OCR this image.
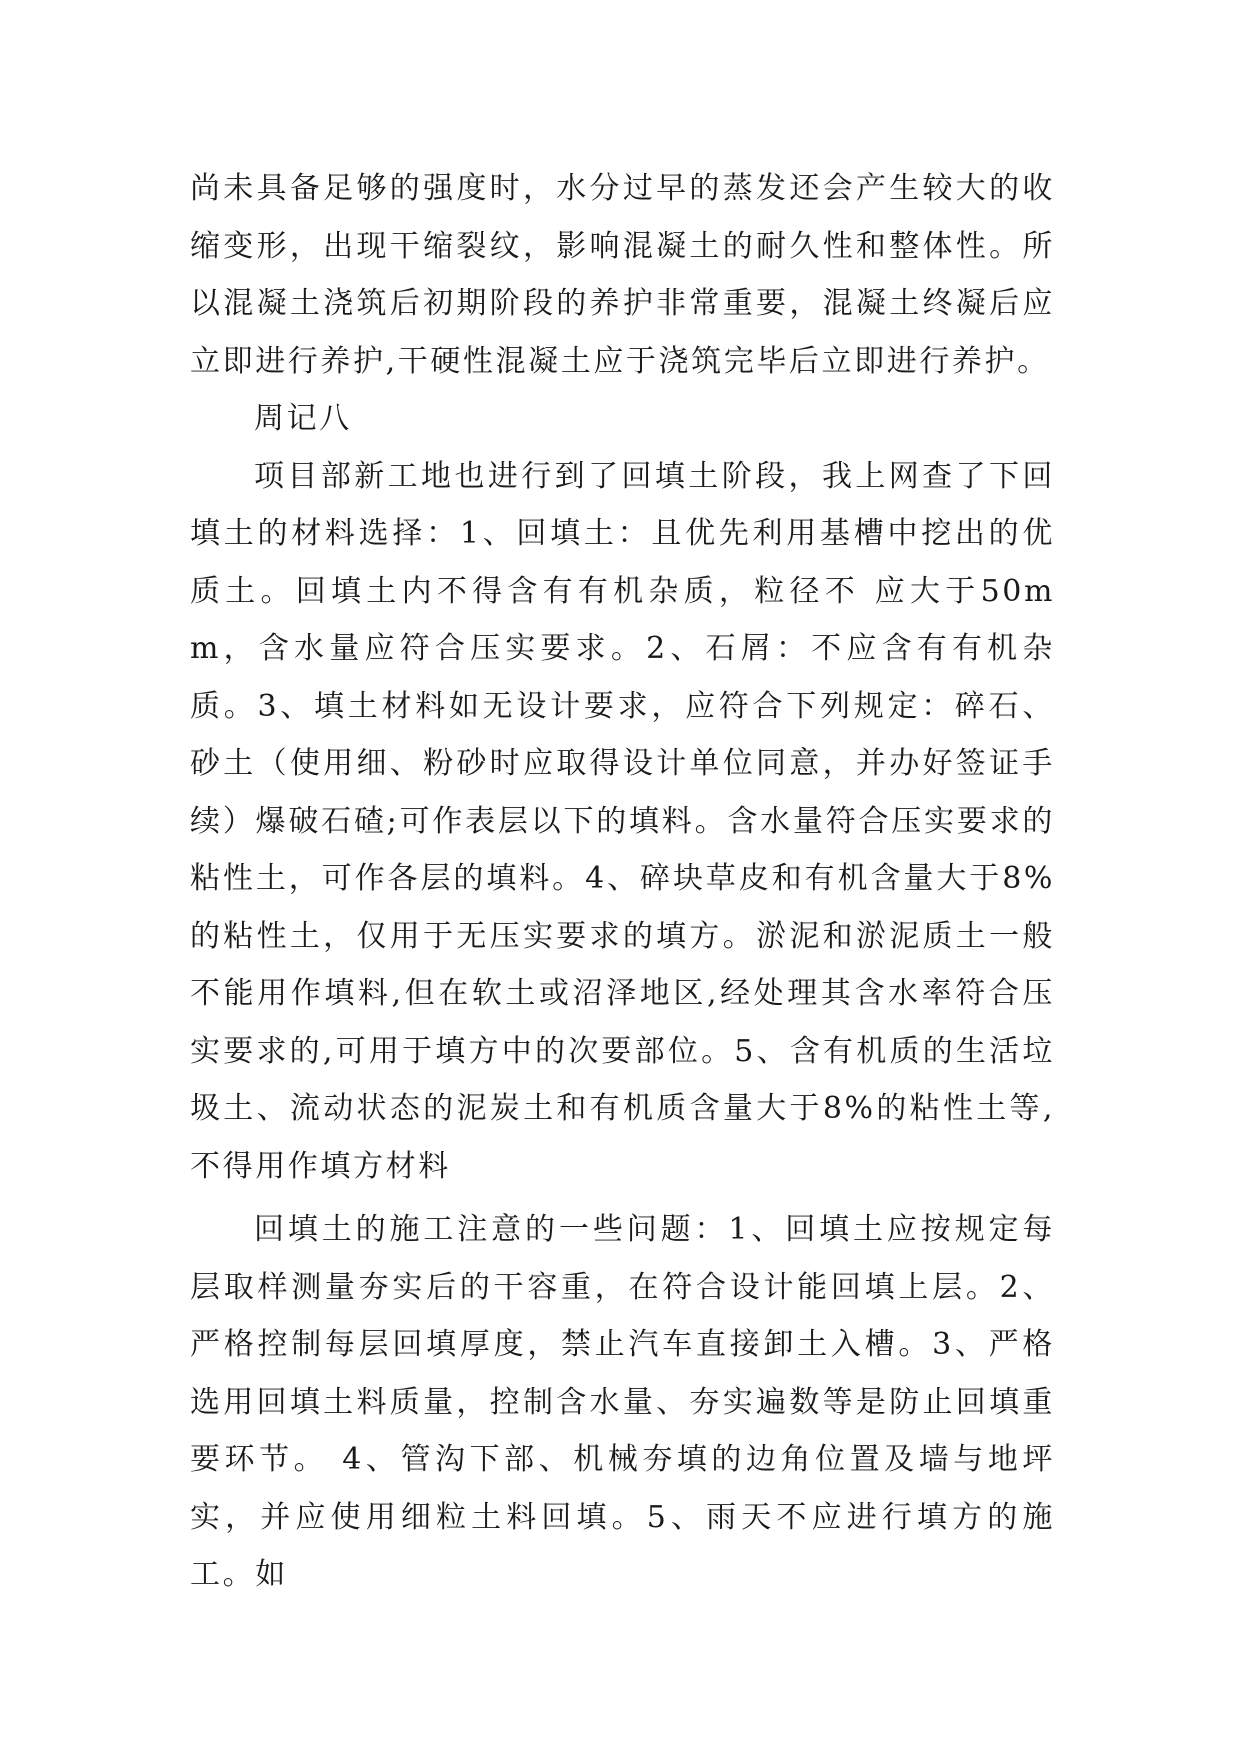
尚未具备足够的强度时，水分过早的蒸发还会产生较大的收缩变形，出现干缩裂纹，影响混凝土的耐久性和整体性。所以混凝土浇筑后初期阶段的养护非常重要，混凝土终凝后应立即进行养护,干硬性混凝土应于浇筑完毕后立即进行养护。

周记八

项目部新工地也进行到了回填土阶段，我上网查了下回填土的材料选择：1、回填土：且优先利用基槽中挖出的优质土。回填土内不得含有有机杂质，粒径不 应大于50mm，含水量应符合压实要求。2、石屑：不应含有有机杂质。3、填土材料如无设计要求，应符合下列规定：碎石、砂土（使用细、粉砂时应取得设计单位同意，并办好签证手续）爆破石碴;可作表层以下的填料。含水量符合压实要求的粘性土，可作各层的填料。4、碎块草皮和有机含量大于8%的粘性土，仅用于无压实要求的填方。淤泥和淤泥质土一般不能用作填料,但在软土或沼泽地区,经处理其含水率符合压实要求的,可用于填方中的次要部位。5、含有机质的生活垃圾土、流动状态的泥炭土和有机质含量大于8%的粘性土等,不得用作填方材料

回填土的施工注意的一些问题：1、回填土应按规定每层取样测量夯实后的干容重，在符合设计能回填上层。2、严格控制每层回填厚度，禁止汽车直接卸土入槽。3、严格选用回填土料质量，控制含水量、夯实遍数等是防止回填重要环节。 4、管沟下部、机械夯填的边角位置及墙与地坪实，并应使用细粒土料回填。5、雨天不应进行填方的施工。如
